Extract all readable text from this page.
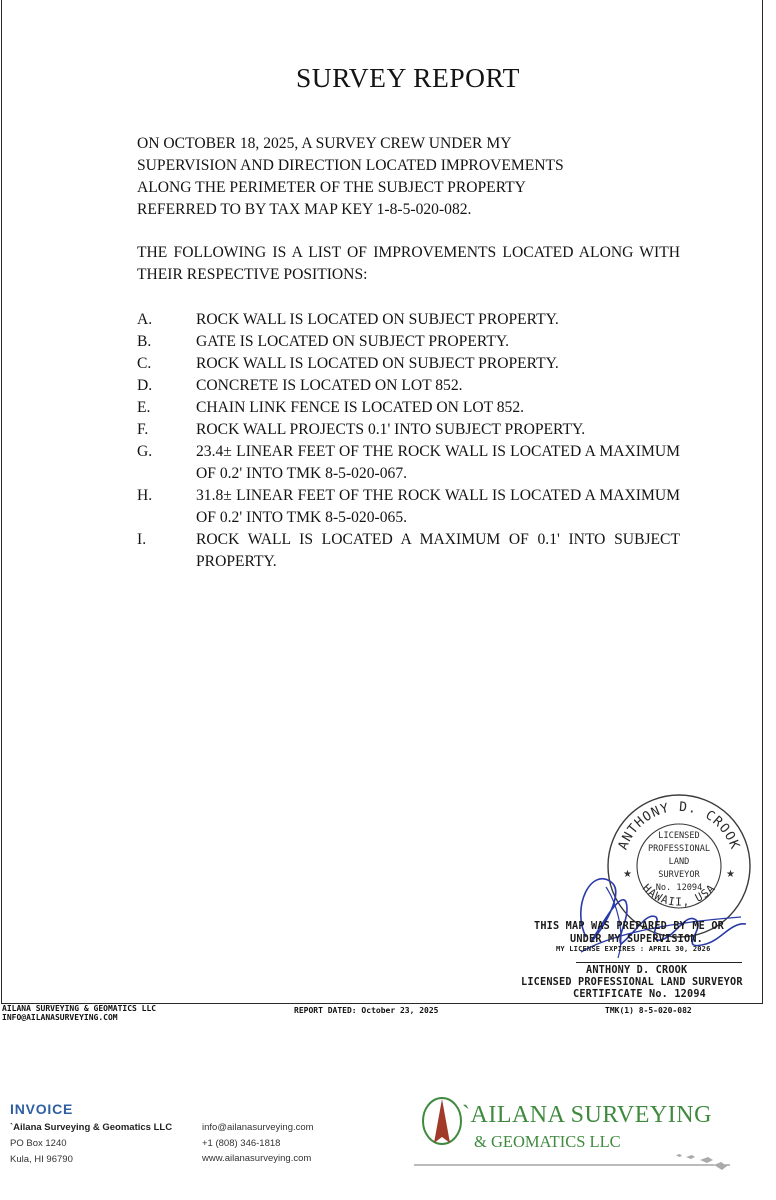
SURVEY REPORT
ON OCTOBER 18, 2025, A SURVEY CREW UNDER MY
SUPERVISION AND DIRECTION LOCATED IMPROVEMENTS
ALONG THE PERIMETER OF THE SUBJECT PROPERTY
REFERRED TO BY TAX MAP KEY 1-8-5-020-082.
THE FOLLOWING IS A LIST OF IMPROVEMENTS LOCATED ALONG WITH THEIR RESPECTIVE POSITIONS:
A.	ROCK WALL IS LOCATED ON SUBJECT PROPERTY.
B.	GATE IS LOCATED ON SUBJECT PROPERTY.
C.	ROCK WALL IS LOCATED ON SUBJECT PROPERTY.
D.	CONCRETE IS LOCATED ON LOT 852.
E.	CHAIN LINK FENCE IS LOCATED ON LOT 852.
F.	ROCK WALL PROJECTS 0.1' INTO SUBJECT PROPERTY.
G.	23.4± LINEAR FEET OF THE ROCK WALL IS LOCATED A MAXIMUM OF 0.2' INTO TMK 8-5-020-067.
H.	31.8± LINEAR FEET OF THE ROCK WALL IS LOCATED A MAXIMUM OF 0.2' INTO TMK 8-5-020-065.
I.	ROCK WALL IS LOCATED A MAXIMUM OF 0.1' INTO SUBJECT PROPERTY.
ANTHONY D. CROOK
HAWAII, USA
LICENSED
PROFESSIONAL
LAND
SURVEYOR
No. 12094
★	★
THIS MAP WAS PREPARED BY ME OR
UNDER MY SUPERVISION.
MY LICENSE EXPIRES : APRIL 30, 2026
ANTHONY D. CROOK
LICENSED PROFESSIONAL LAND SURVEYOR
CERTIFICATE No. 12094
AILANA SURVEYING & GEOMATICS LLC
INFO@AILANASURVEYING.COM
REPORT DATED: October 23, 2025	TMK(1) 8-5-020-082
INVOICE
`Ailana Surveying & Geomatics LLC
PO Box 1240
Kula, HI 96790
info@ailanasurveying.com
+1 (808) 346-1818
www.ailanasurveying.com
`AILANA SURVEYING
& GEOMATICS LLC
